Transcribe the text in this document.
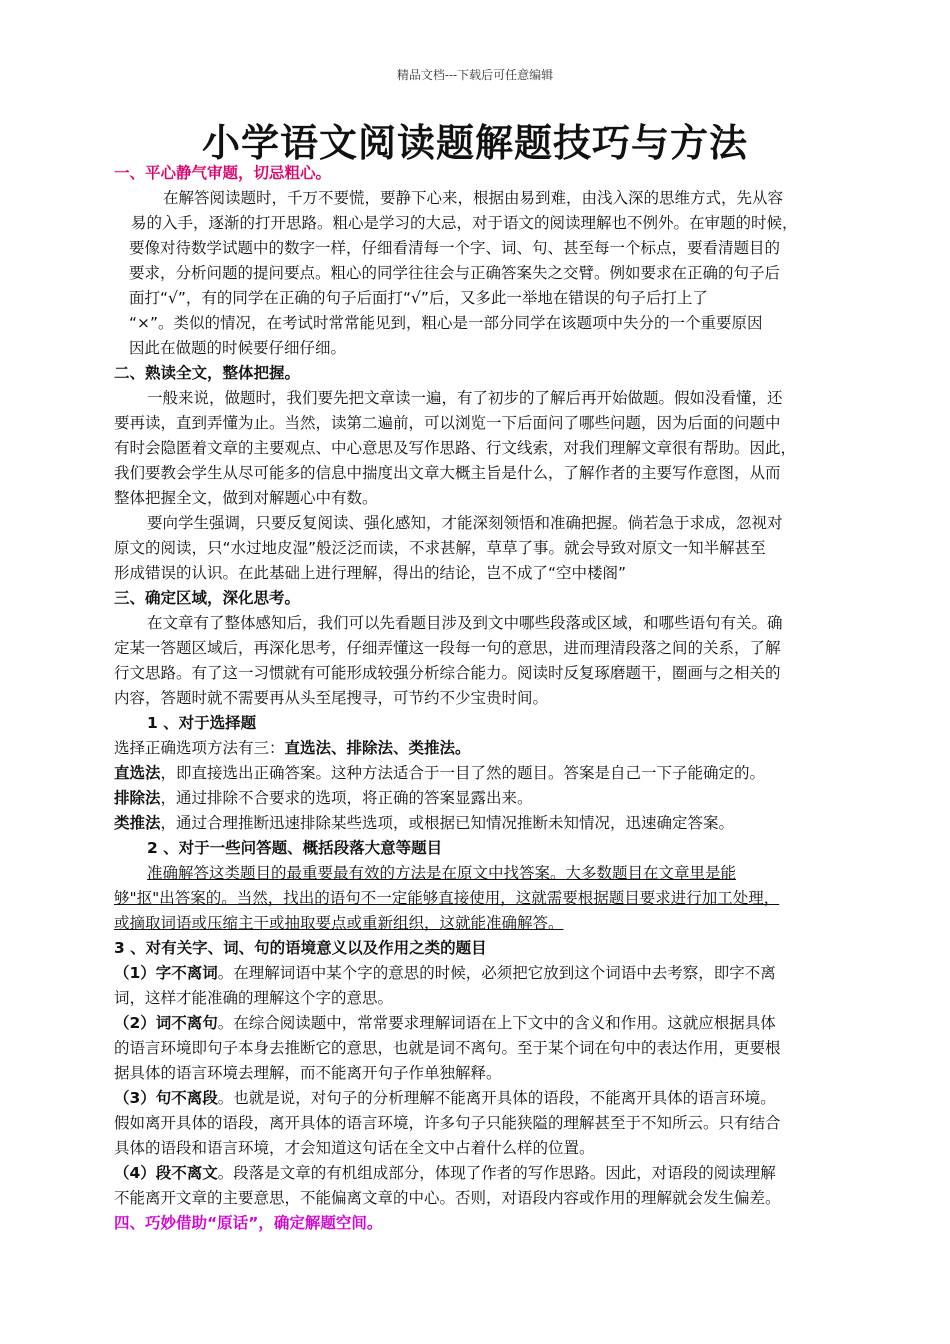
精品文档---下载后可任意编辑
小学语文阅读题解题技巧与方法
一、平心静气审题，切忌粗心。
在解答阅读题时，千万不要慌，要静下心来，根据由易到难，由浅入深的思维方式，先从容
易的入手，逐渐的打开思路。粗心是学习的大忌，对于语文的阅读理解也不例外。在审题的时候，
要像对待数学试题中的数字一样，仔细看清每一个字、词、句、甚至每一个标点，要看清题目的
要求，分析问题的提问要点。粗心的同学往往会与正确答案失之交臂。例如要求在正确的句子后
面打“√”，有的同学在正确的句子后面打“√”后，又多此一举地在错误的句子后打上了
“×”。类似的情况，在考试时常常能见到，粗心是一部分同学在该题项中失分的一个重要原因
因此在做题的时候要仔细仔细。
二、熟读全文，整体把握。
一般来说，做题时，我们要先把文章读一遍，有了初步的了解后再开始做题。假如没看懂，还
要再读，直到弄懂为止。当然，读第二遍前，可以浏览一下后面问了哪些问题，因为后面的问题中
有时会隐匿着文章的主要观点、中心意思及写作思路、行文线索，对我们理解文章很有帮助。因此，
我们要教会学生从尽可能多的信息中揣度出文章大概主旨是什么，了解作者的主要写作意图，从而
整体把握全文，做到对解题心中有数。
要向学生强调，只要反复阅读、强化感知，才能深刻领悟和准确把握。倘若急于求成，忽视对
原文的阅读，只“水过地皮湿”般泛泛而读，不求甚解，草草了事。就会导致对原文一知半解甚至
形成错误的认识。在此基础上进行理解，得出的结论，岂不成了“空中楼阁”
三、确定区域，深化思考。
在文章有了整体感知后，我们可以先看题目涉及到文中哪些段落或区域，和哪些语句有关。确
定某一答题区域后，再深化思考，仔细弄懂这一段每一句的意思，进而理清段落之间的关系，了解
行文思路。有了这一习惯就有可能形成较强分析综合能力。阅读时反复琢磨题干，圈画与之相关的
内容，答题时就不需要再从头至尾搜寻，可节约不少宝贵时间。
1 、对于选择题
选择正确选项方法有三：直选法、排除法、类推法。
直选法，即直接选出正确答案。这种方法适合于一目了然的题目。答案是自己一下子能确定的。
排除法，通过排除不合要求的选项，将正确的答案显露出来。
类推法，通过合理推断迅速排除某些选项，或根据已知情况推断未知情况，迅速确定答案。
2 、对于一些问答题、概括段落大意等题目
准确解答这类题目的最重要最有效的方法是在原文中找答案。大多数题目在文章里是能
够"抠"出答案的。当然，找出的语句不一定能够直接使用，这就需要根据题目要求进行加工处理，
或摘取词语或压缩主干或抽取要点或重新组织，这就能准确解答。
3 、对有关字、词、句的语境意义以及作用之类的题目
（1）字不离词。在理解词语中某个字的意思的时候，必须把它放到这个词语中去考察，即字不离
词，这样才能准确的理解这个字的意思。
（2）词不离句。在综合阅读题中，常常要求理解词语在上下文中的含义和作用。这就应根据具体
的语言环境即句子本身去推断它的意思，也就是词不离句。至于某个词在句中的表达作用，更要根
据具体的语言环境去理解，而不能离开句子作单独解释。
（3）句不离段。也就是说，对句子的分析理解不能离开具体的语段，不能离开具体的语言环境。
假如离开具体的语段，离开具体的语言环境，许多句子只能狭隘的理解甚至于不知所云。只有结合
具体的语段和语言环境，才会知道这句话在全文中占着什么样的位置。
（4）段不离文。段落是文章的有机组成部分，体现了作者的写作思路。因此，对语段的阅读理解
不能离开文章的主要意思，不能偏离文章的中心。否则，对语段内容或作用的理解就会发生偏差。
四、巧妙借助“原话”，确定解题空间。
